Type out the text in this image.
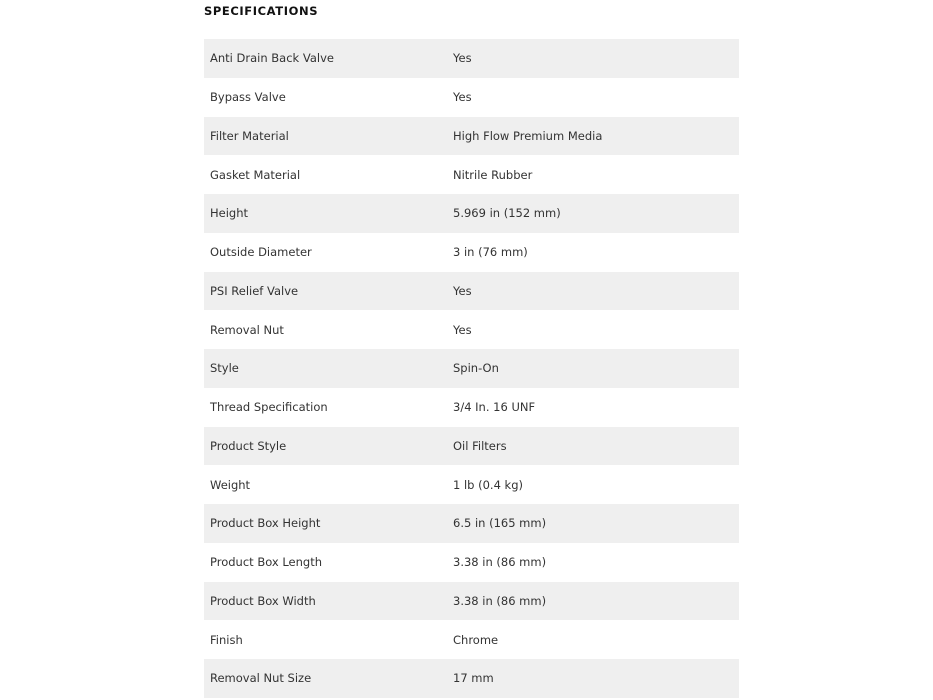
SPECIFICATIONS
Anti Drain Back Valve	Yes
Bypass Valve	Yes
Filter Material	High Flow Premium Media
Gasket Material	Nitrile Rubber
Height	5.969 in (152 mm)
Outside Diameter	3 in (76 mm)
PSI Relief Valve	Yes
Removal Nut	Yes
Style	Spin-On
Thread Specification	3/4 In. 16 UNF
Product Style	Oil Filters
Weight	1 lb (0.4 kg)
Product Box Height	6.5 in (165 mm)
Product Box Length	3.38 in (86 mm)
Product Box Width	3.38 in (86 mm)
Finish	Chrome
Removal Nut Size	17 mm
